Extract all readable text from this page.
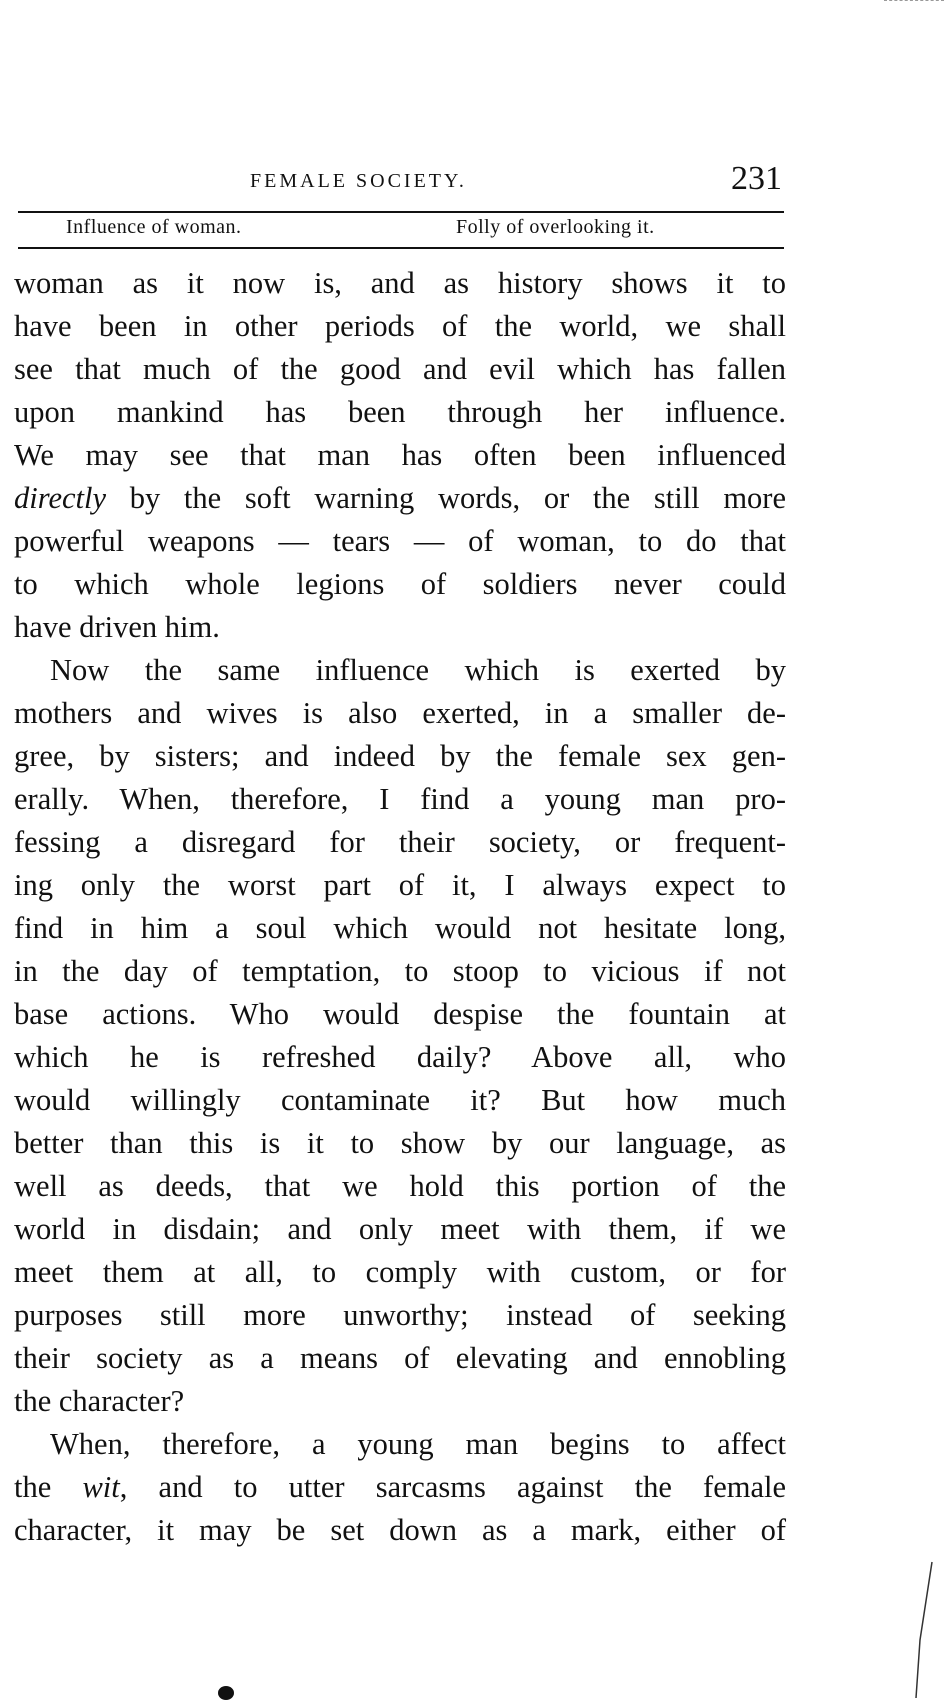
FEMALE SOCIETY.	231
Influence of woman.	Folly of overlooking it.
woman as it now is, and as history shows it to
have been in other periods of the world, we shall
see that much of the good and evil which has fallen
upon mankind has been through her influence.
We may see that man has often been influenced
directly by the soft warning words, or the still more
powerful weapons — tears — of woman, to do that
to which whole legions of soldiers never could
have driven him.
Now the same influence which is exerted by
mothers and wives is also exerted, in a smaller de-
gree, by sisters; and indeed by the female sex gen-
erally. When, therefore, I find a young man pro-
fessing a disregard for their society, or frequent-
ing only the worst part of it, I always expect to
find in him a soul which would not hesitate long,
in the day of temptation, to stoop to vicious if not
base actions. Who would despise the fountain at
which he is refreshed daily? Above all, who
would willingly contaminate it? But how much
better than this is it to show by our language, as
well as deeds, that we hold this portion of the
world in disdain; and only meet with them, if we
meet them at all, to comply with custom, or for
purposes still more unworthy; instead of seeking
their society as a means of elevating and ennobling
the character?
When, therefore, a young man begins to affect
the wit, and to utter sarcasms against the female
character, it may be set down as a mark, either of
